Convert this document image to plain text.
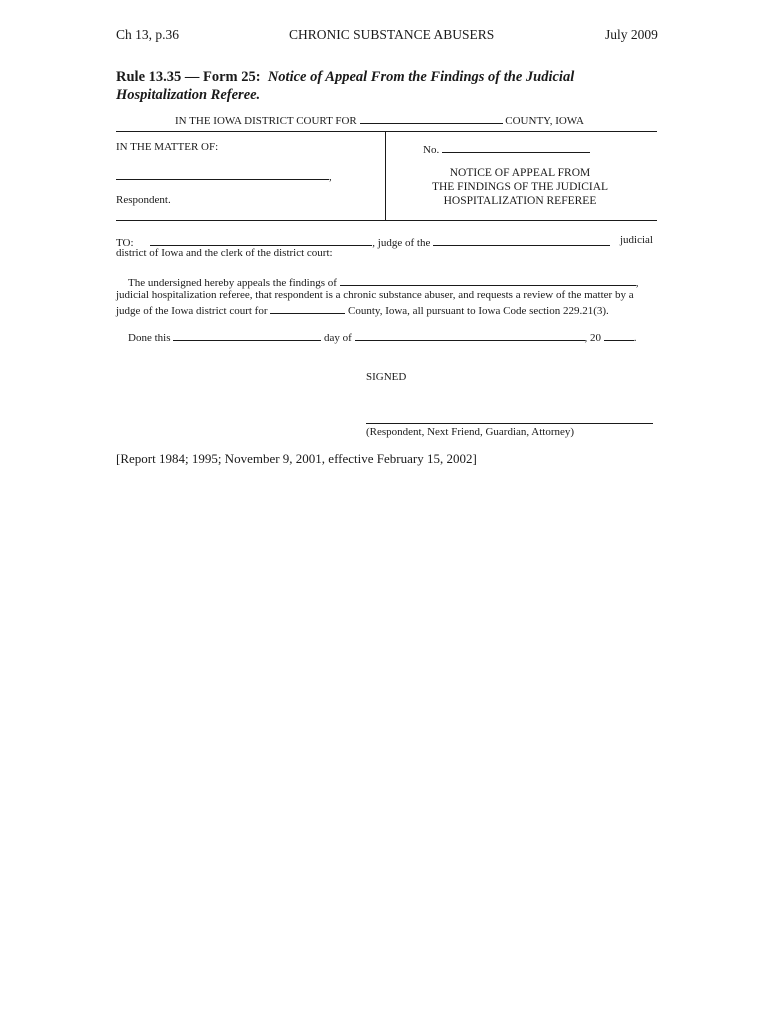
Ch 13, p.36	CHRONIC SUBSTANCE ABUSERS	July 2009
Rule 13.35 — Form 25: Notice of Appeal From the Findings of the Judicial Hospitalization Referee.
IN THE IOWA DISTRICT COURT FOR	COUNTY, IOWA
IN THE MATTER OF:
,
Respondent.
No.
NOTICE OF APPEAL FROM
THE FINDINGS OF THE JUDICIAL
HOSPITALIZATION REFEREE
TO:	, judge of the	judicial
district of Iowa and the clerk of the district court:
The undersigned hereby appeals the findings of	,
judicial hospitalization referee, that respondent is a chronic substance abuser, and requests a review of the matter by a
judge of the Iowa district court for	County, Iowa, all pursuant to Iowa Code section 229.21(3).
Done this	day of	, 20	.
SIGNED
(Respondent, Next Friend, Guardian, Attorney)
[Report 1984; 1995; November 9, 2001, effective February 15, 2002]
